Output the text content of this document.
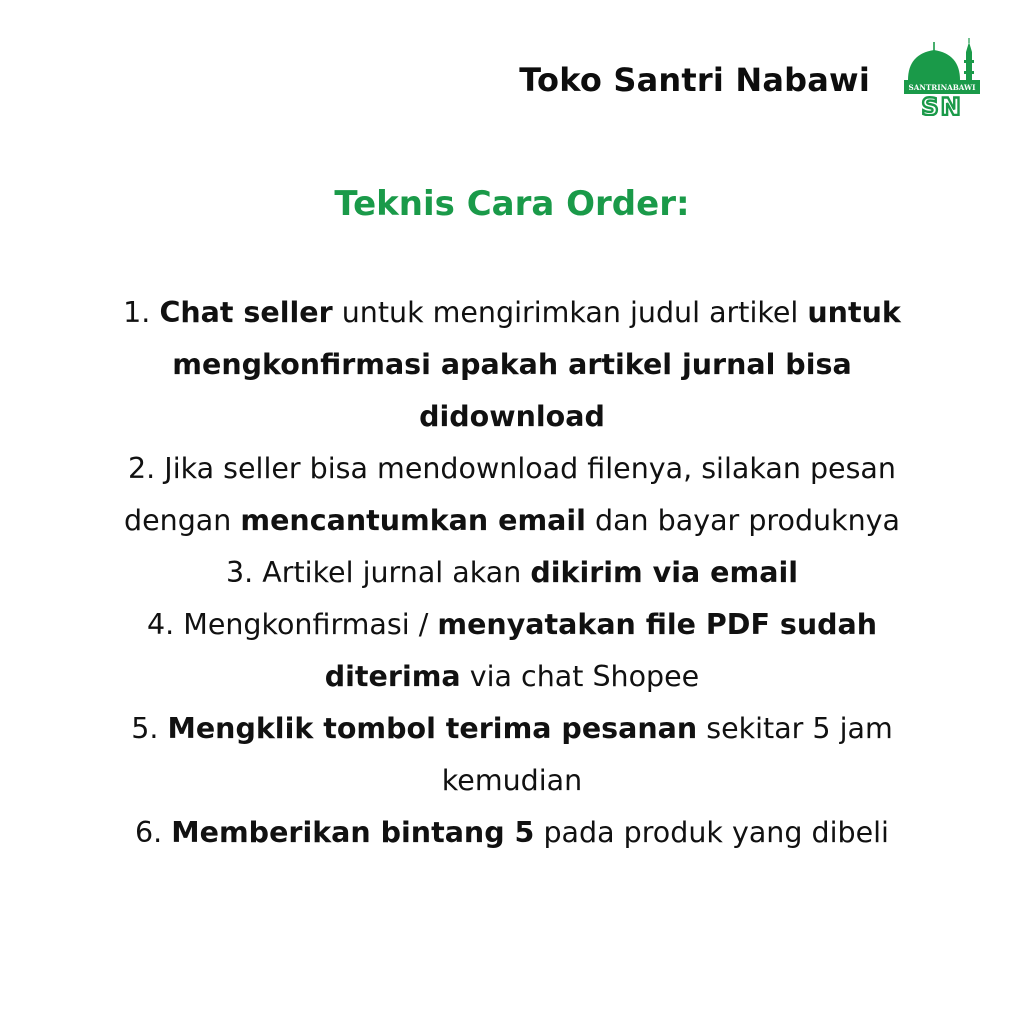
Toko Santri Nabawi	SANTRINABAWI
SN
Teknis Cara Order:
1. Chat seller untuk mengirimkan judul artikel untuk mengkonfirmasi apakah artikel jurnal bisa didownload
2. Jika seller bisa mendownload filenya, silakan pesan dengan mencantumkan email dan bayar produknya
3. Artikel jurnal akan dikirim via email
4. Mengkonfirmasi / menyatakan file PDF sudah diterima via chat Shopee
5. Mengklik tombol terima pesanan sekitar 5 jam kemudian
6. Memberikan bintang 5 pada produk yang dibeli
